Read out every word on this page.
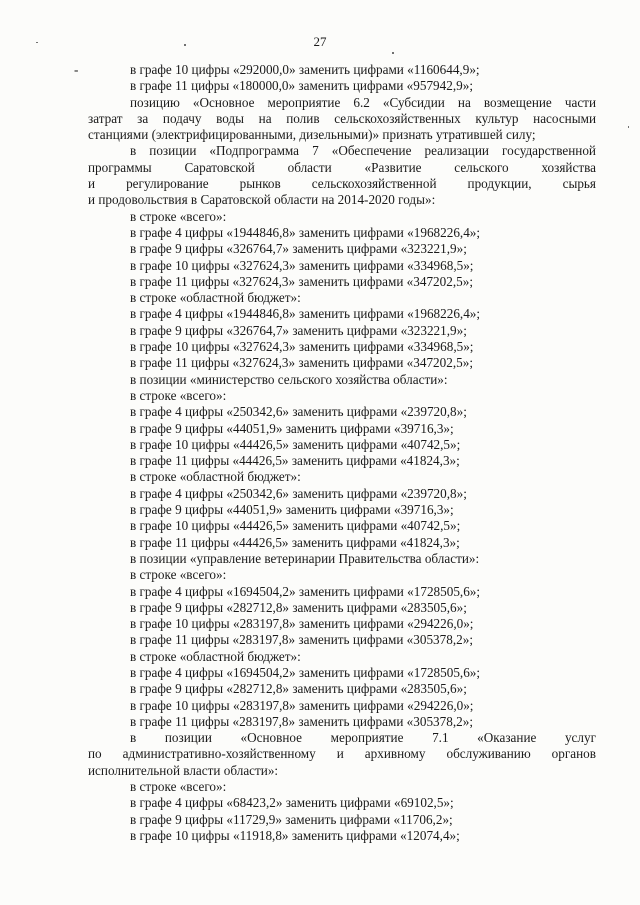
27
-	в графе 10 цифры «292000,0» заменить цифрами «1160644,9»;
в графе 11 цифры «180000,0» заменить цифрами «957942,9»;
позицию «Основное мероприятие 6.2 «Субсидии на возмещение части
затрат за подачу воды на полив сельскохозяйственных культур насосными
станциями (электрифицированными, дизельными)» признать утратившей силу;
в позиции «Подпрограмма 7 «Обеспечение реализации государственной
программы Саратовской области «Развитие сельского хозяйства
и регулирование рынков сельскохозяйственной продукции, сырья
и продовольствия в Саратовской области на 2014-2020 годы»:
в строке «всего»:
в графе 4 цифры «1944846,8» заменить цифрами «1968226,4»;
в графе 9 цифры «326764,7» заменить цифрами «323221,9»;
в графе 10 цифры «327624,3» заменить цифрами «334968,5»;
в графе 11 цифры «327624,3» заменить цифрами «347202,5»;
в строке «областной бюджет»:
в графе 4 цифры «1944846,8» заменить цифрами «1968226,4»;
в графе 9 цифры «326764,7» заменить цифрами «323221,9»;
в графе 10 цифры «327624,3» заменить цифрами «334968,5»;
в графе 11 цифры «327624,3» заменить цифрами «347202,5»;
в позиции «министерство сельского хозяйства области»:
в строке «всего»:
в графе 4 цифры «250342,6» заменить цифрами «239720,8»;
в графе 9 цифры «44051,9» заменить цифрами «39716,3»;
в графе 10 цифры «44426,5» заменить цифрами «40742,5»;
в графе 11 цифры «44426,5» заменить цифрами «41824,3»;
в строке «областной бюджет»:
в графе 4 цифры «250342,6» заменить цифрами «239720,8»;
в графе 9 цифры «44051,9» заменить цифрами «39716,3»;
в графе 10 цифры «44426,5» заменить цифрами «40742,5»;
в графе 11 цифры «44426,5» заменить цифрами «41824,3»;
в позиции «управление ветеринарии Правительства области»:
в строке «всего»:
в графе 4 цифры «1694504,2» заменить цифрами «1728505,6»;
в графе 9 цифры «282712,8» заменить цифрами «283505,6»;
в графе 10 цифры «283197,8» заменить цифрами «294226,0»;
в графе 11 цифры «283197,8» заменить цифрами «305378,2»;
в строке «областной бюджет»:
в графе 4 цифры «1694504,2» заменить цифрами «1728505,6»;
в графе 9 цифры «282712,8» заменить цифрами «283505,6»;
в графе 10 цифры «283197,8» заменить цифрами «294226,0»;
в графе 11 цифры «283197,8» заменить цифрами «305378,2»;
в позиции «Основное мероприятие 7.1 «Оказание услуг
по административно-хозяйственному и архивному обслуживанию органов
исполнительной власти области»:
в строке «всего»:
в графе 4 цифры «68423,2» заменить цифрами «69102,5»;
в графе 9 цифры «11729,9» заменить цифрами «11706,2»;
в графе 10 цифры «11918,8» заменить цифрами «12074,4»;
